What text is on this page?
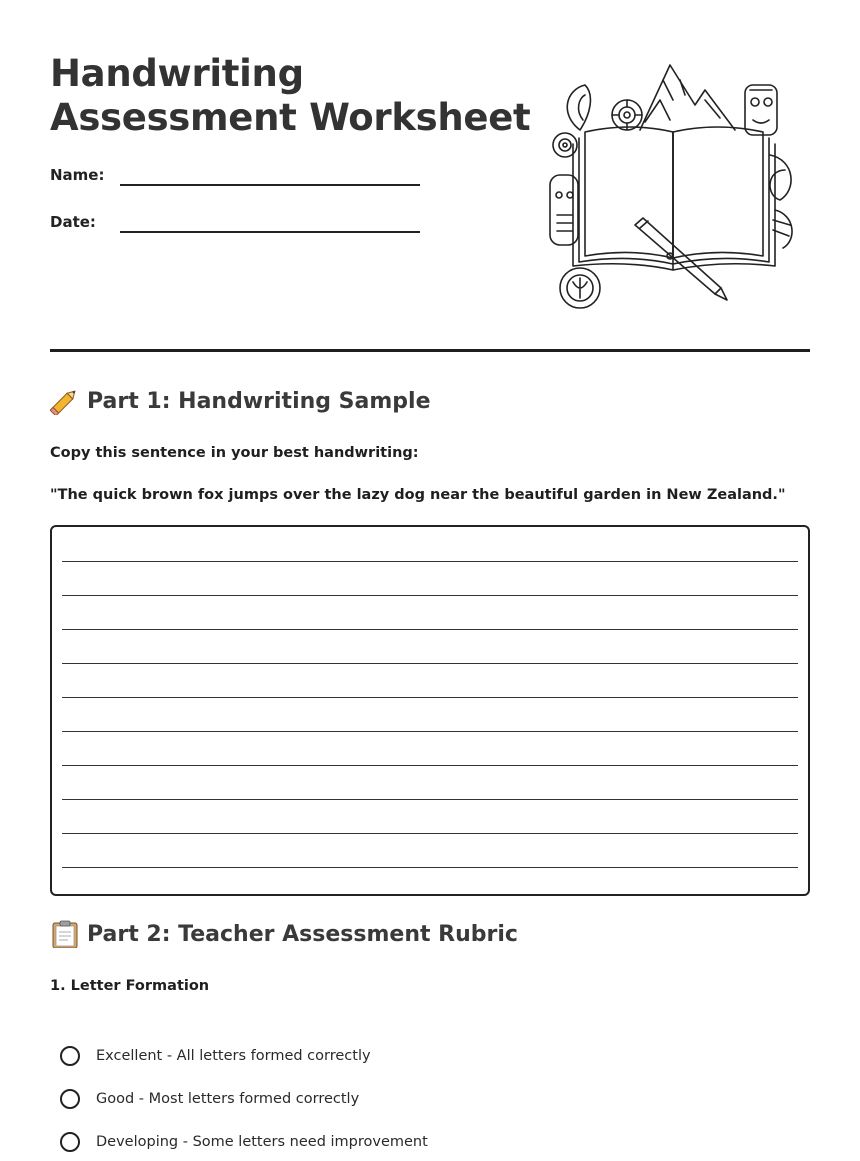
Handwriting
Assessment Worksheet
Name:
Date:
Part 1: Handwriting Sample
Copy this sentence in your best handwriting:
"The quick brown fox jumps over the lazy dog near the beautiful garden in New Zealand."
Part 2: Teacher Assessment Rubric
1. Letter Formation
Excellent - All letters formed correctly
Good - Most letters formed correctly
Developing - Some letters need improvement
